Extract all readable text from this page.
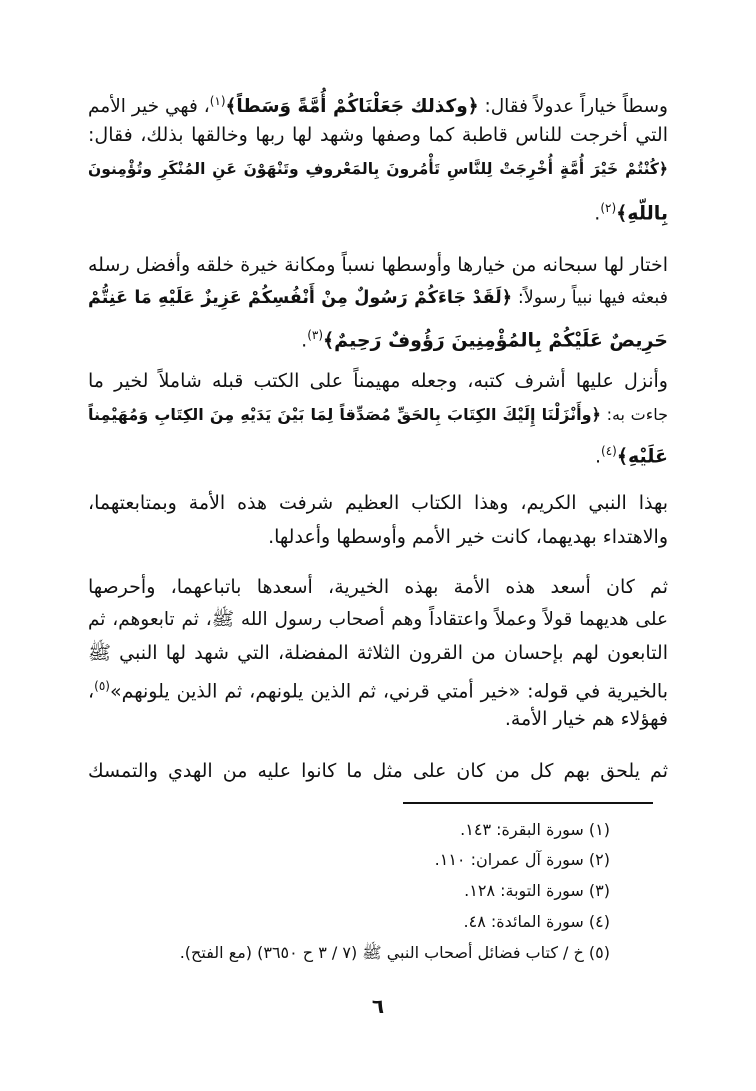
وسطاً خياراً عدولاً فقال: ﴿وكذلك جَعَلْنَاكُمْ أُمَّةً وَسَطاً﴾$^{(١)}$، فهي خير الأمم
التي أخرجت للناس قاطبة كما وصفها وشهد لها ربها وخالقها بذلك، فقال:
﴿كُنْتُمْ خَيْرَ أُمَّةٍ أُخْرِجَتْ لِلنَّاسِ تَأْمُرونَ بِالمَعْروفِ وتَنْهَوْنَ عَنِ المُنْكَرِ وتُؤْمِنونَ
بِاللّهِ﴾$^{(٢)}$.
اختار لها سبحانه من خيارها وأوسطها نسباً ومكانة خيرة خلقه وأفضل رسله
فبعثه فيها نبياً رسولاً: ﴿لَقَدْ جَاءَكُمْ رَسُولٌ مِنْ أَنْفُسِكُمْ عَزِيزٌ عَلَيْهِ مَا عَنِتُّمْ
حَرِيصٌ عَلَيْكُمْ بِالمُؤْمِنِينَ رَؤُوفٌ رَحِيمٌ﴾$^{(٣)}$.
وأنزل عليها أشرف كتبه، وجعله مهيمناً على الكتب قبله شاملاً لخير ما
جاءت به: ﴿وأَنْزَلْنَا إِلَيْكَ الكِتَابَ بِالحَقِّ مُصَدِّقاً لِمَا بَيْنَ يَدَيْهِ مِنَ الكِتَابِ وَمُهَيْمِناً
عَلَيْهِ﴾$^{(٤)}$.
بهذا النبي الكريم، وهذا الكتاب العظيم شرفت هذه الأمة وبمتابعتهما،
والاهتداء بهديهما، كانت خير الأمم وأوسطها وأعدلها.
ثم كان أسعد هذه الأمة بهذه الخيرية، أسعدها باتباعهما، وأحرصها
على هديهما قولاً وعملاً واعتقاداً وهم أصحاب رسول الله ﷺ، ثم تابعوهم، ثم
التابعون لهم بإحسان من القرون الثلاثة المفضلة، التي شهد لها النبي ﷺ
بالخيرية في قوله: «خير أمتي قرني، ثم الذين يلونهم، ثم الذين يلونهم»$^{(٥)}$،
فهؤلاء هم خيار الأمة.
ثم يلحق بهم كل من كان على مثل ما كانوا عليه من الهدي والتمسك
(١) سورة البقرة: ١٤٣.
(٢) سورة آل عمران: ١١٠.
(٣) سورة التوبة: ١٢٨.
(٤) سورة المائدة: ٤٨.
(٥) خ / كتاب فضائل أصحاب النبي ﷺ (٧ / ٣ ح ٣٦٥٠) (مع الفتح).
٦
